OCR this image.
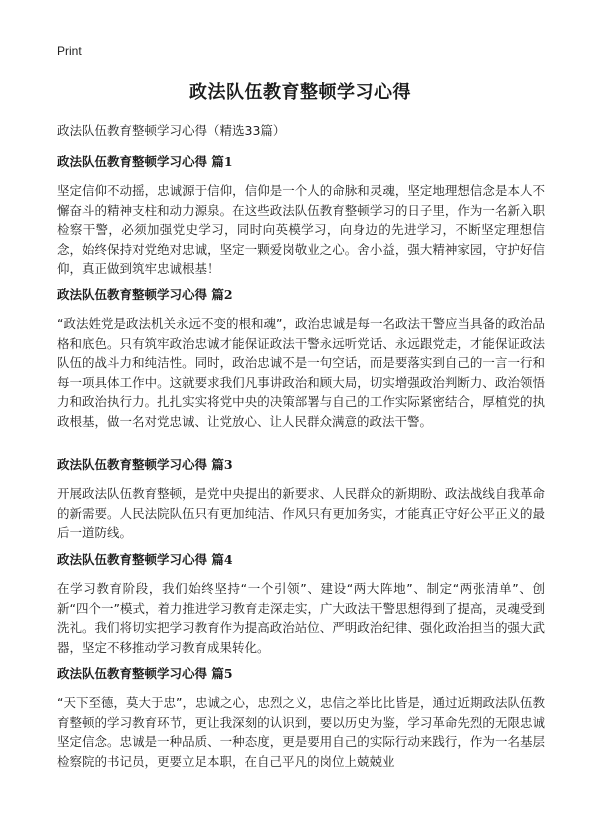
Print
政法队伍教育整顿学习心得
政法队伍教育整顿学习心得（精选33篇）
政法队伍教育整顿学习心得 篇1
坚定信仰不动摇，忠诚源于信仰，信仰是一个人的命脉和灵魂，坚定地理想信念是本人不懈奋斗的精神支柱和动力源泉。在这些政法队伍教育整顿学习的日子里，作为一名新入职检察干警，必须加强党史学习，同时向英模学习，向身边的先进学习，不断坚定理想信念，始终保持对党绝对忠诚，坚定一颗爱岗敬业之心。舍小益，强大精神家园，守护好信仰，真正做到筑牢忠诚根基！
政法队伍教育整顿学习心得 篇2
“政法姓党是政法机关永远不变的根和魂”，政治忠诚是每一名政法干警应当具备的政治品格和底色。只有筑牢政治忠诚才能保证政法干警永远听党话、永远跟党走，才能保证政法队伍的战斗力和纯洁性。同时，政治忠诚不是一句空话，而是要落实到自己的一言一行和每一项具体工作中。这就要求我们凡事讲政治和顾大局，切实增强政治判断力、政治领悟力和政治执行力。扎扎实实将党中央的决策部署与自己的工作实际紧密结合，厚植党的执政根基，做一名对党忠诚、让党放心、让人民群众满意的政法干警。
政法队伍教育整顿学习心得 篇3
开展政法队伍教育整顿，是党中央提出的新要求、人民群众的新期盼、政法战线自我革命的新需要。人民法院队伍只有更加纯洁、作风只有更加务实，才能真正守好公平正义的最后一道防线。
政法队伍教育整顿学习心得 篇4
在学习教育阶段，我们始终坚持“一个引领”、建设“两大阵地”、制定“两张清单”、创新“四个一”模式，着力推进学习教育走深走实，广大政法干警思想得到了提高，灵魂受到洗礼。我们将切实把学习教育作为提高政治站位、严明政治纪律、强化政治担当的强大武器，坚定不移推动学习教育成果转化。
政法队伍教育整顿学习心得 篇5
“天下至德，莫大于忠”，忠诚之心，忠烈之义，忠信之举比比皆是，通过近期政法队伍教育整顿的学习教育环节，更让我深刻的认识到，要以历史为鉴，学习革命先烈的无限忠诚坚定信念。忠诚是一种品质、一种态度，更是要用自己的实际行动来践行，作为一名基层检察院的书记员，更要立足本职，在自己平凡的岗位上兢兢业
